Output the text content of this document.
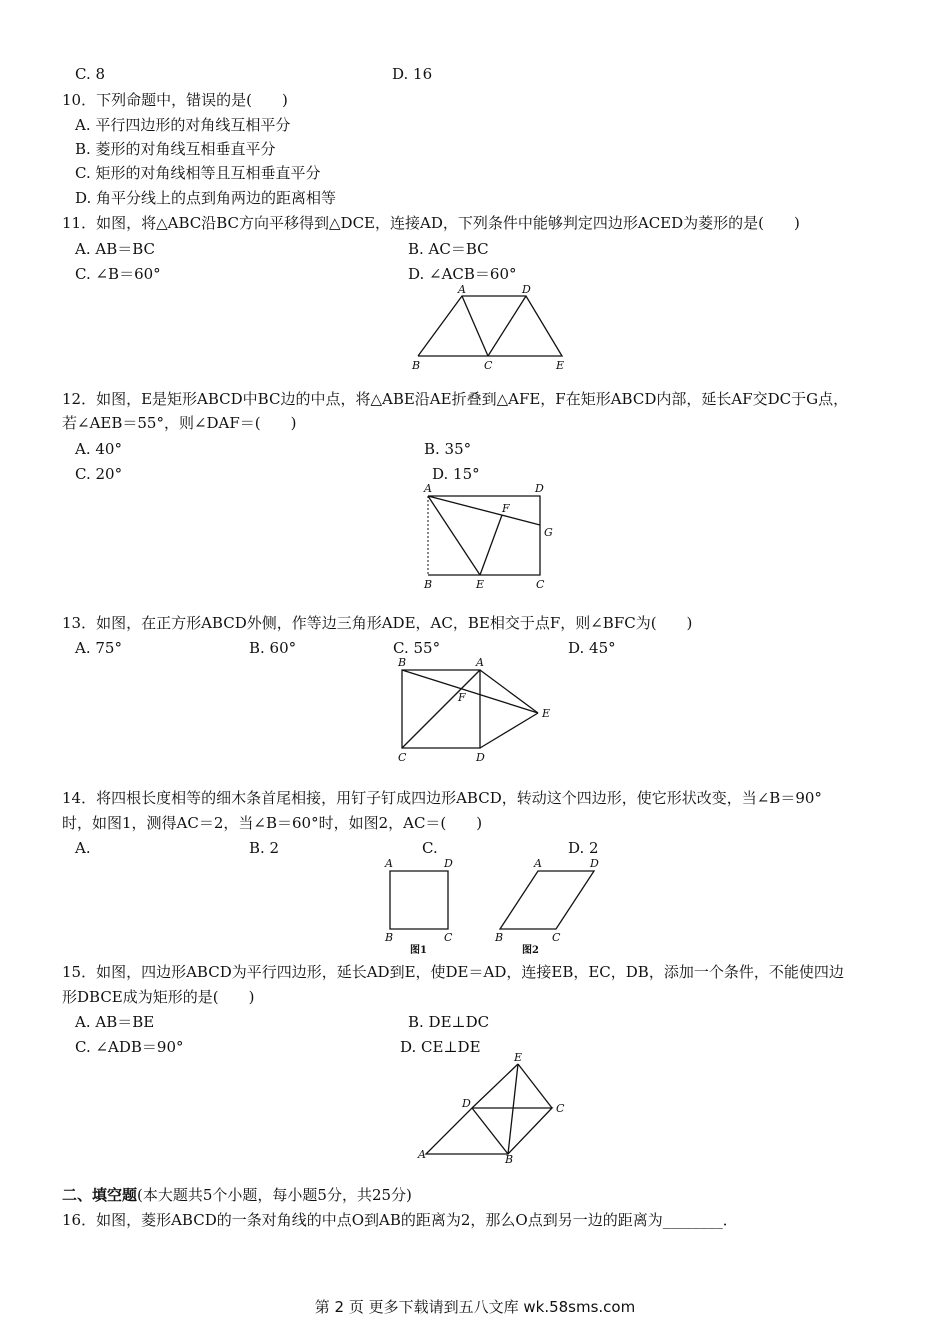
C. 8	D. 16
10．下列命题中，错误的是(　　)
A. 平行四边形的对角线互相平分
B. 菱形的对角线互相垂直平分
C. 矩形的对角线相等且互相垂直平分
D. 角平分线上的点到角两边的距离相等
11．如图，将△ABC沿BC方向平移得到△DCE，连接AD，下列条件中能够判定四边形ACED为菱形的是(　　)
A. AB＝BC	B. AC＝BC
C. ∠B＝60°	D. ∠ACB＝60°
A	D
B	C	E
12．如图，E是矩形ABCD中BC边的中点，将△ABE沿AE折叠到△AFE，F在矩形ABCD内部，延长AF交DC于G点，
若∠AEB＝55°，则∠DAF＝(　　)
A. 40°	B. 35°
C. 20°	D. 15°
A	D
F
G
B	E	C
13．如图，在正方形ABCD外侧，作等边三角形ADE，AC，BE相交于点F，则∠BFC为(　　)
A. 75°	B. 60°	C. 55°	D. 45°
B	A
F
E
C	D
14．将四根长度相等的细木条首尾相接，用钉子钉成四边形ABCD，转动这个四边形，使它形状改变，当∠B＝90°
时，如图1，测得AC＝2，当∠B＝60°时，如图2，AC＝(　　)
A.	B. 2	C.	D. 2
A	D
B	C
图1
A	D
B	C
图2
15．如图，四边形ABCD为平行四边形，延长AD到E，使DE＝AD，连接EB，EC，DB，添加一个条件，不能使四边
形DBCE成为矩形的是(　　)
A. AB＝BE	B. DE⊥DC
C. ∠ADB＝90°	D. CE⊥DE
E
D	C
A	B
二、填空题(本大题共5个小题，每小题5分，共25分)
16．如图，菱形ABCD的一条对角线的中点O到AB的距离为2，那么O点到另一边的距离为________．
第 2 页 更多下载请到五八文库 wk.58sms.com
